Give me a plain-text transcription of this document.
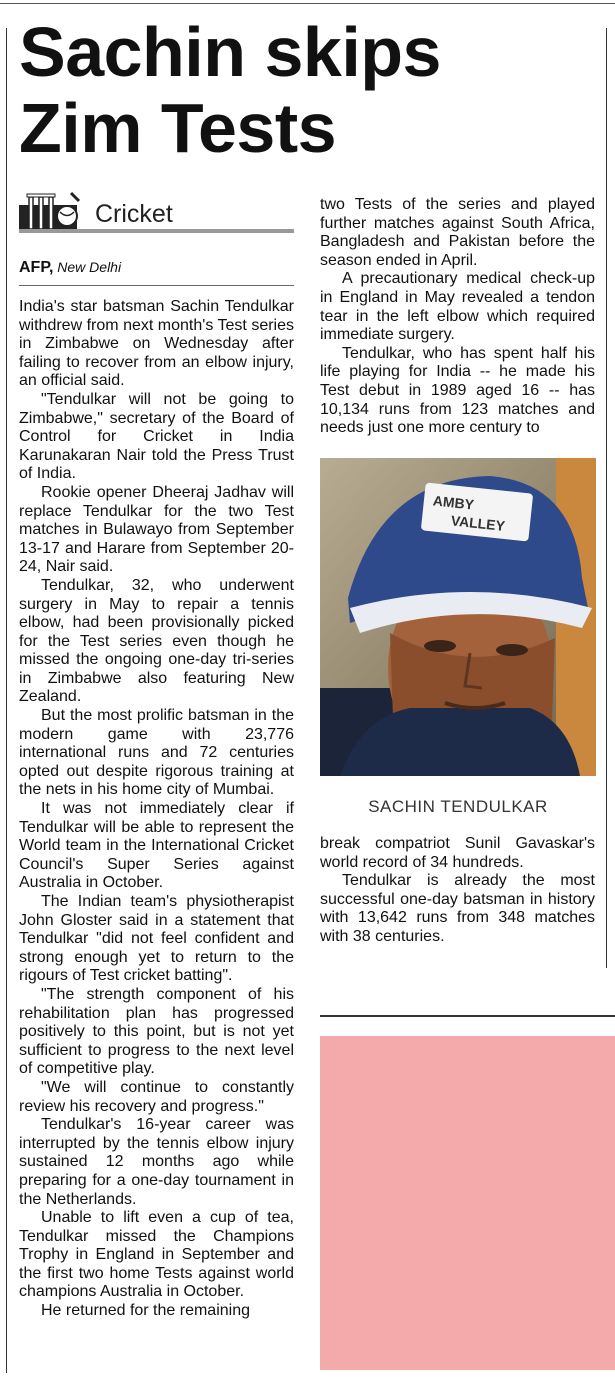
Sachin skips
Zim Tests
Cricket
AFP, New Delhi

India's star batsman Sachin Tendulkar withdrew from next month's Test series in Zimbabwe on Wednesday after failing to recover from an elbow injury, an official said.

"Tendulkar will not be going to Zimbabwe," secretary of the Board of Control for Cricket in India Karunakaran Nair told the Press Trust of India.

Rookie opener Dheeraj Jadhav will replace Tendulkar for the two Test matches in Bulawayo from September 13-17 and Harare from September 20-24, Nair said.

Tendulkar, 32, who underwent surgery in May to repair a tennis elbow, had been provisionally picked for the Test series even though he missed the ongoing one-day tri-series in Zimbabwe also featuring New Zealand.

But the most prolific batsman in the modern game with 23,776 international runs and 72 centuries opted out despite rigorous training at the nets in his home city of Mumbai.

It was not immediately clear if Tendulkar will be able to represent the World team in the International Cricket Council's Super Series against Australia in October.

The Indian team's physiotherapist John Gloster said in a statement that Tendulkar "did not feel confident and strong enough yet to return to the rigours of Test cricket batting".

"The strength component of his rehabilitation plan has progressed positively to this point, but is not yet sufficient to progress to the next level of competitive play.

"We will continue to constantly review his recovery and progress."

Tendulkar's 16-year career was interrupted by the tennis elbow injury sustained 12 months ago while preparing for a one-day tournament in the Netherlands.

Unable to lift even a cup of tea, Tendulkar missed the Champions Trophy in England in September and the first two home Tests against world champions Australia in October.

He returned for the remaining

two Tests of the series and played further matches against South Africa, Bangladesh and Pakistan before the season ended in April.

A precautionary medical check-up in England in May revealed a tendon tear in the left elbow which required immediate surgery.

Tendulkar, who has spent half his life playing for India -- he made his Test debut in 1989 aged 16 -- has 10,134 runs from 123 matches and needs just one more century to

AMBY
VALLEY
SACHIN TENDULKAR

break compatriot Sunil Gavaskar's world record of 34 hundreds.

Tendulkar is already the most successful one-day batsman in history with 13,642 runs from 348 matches with 38 centuries.
